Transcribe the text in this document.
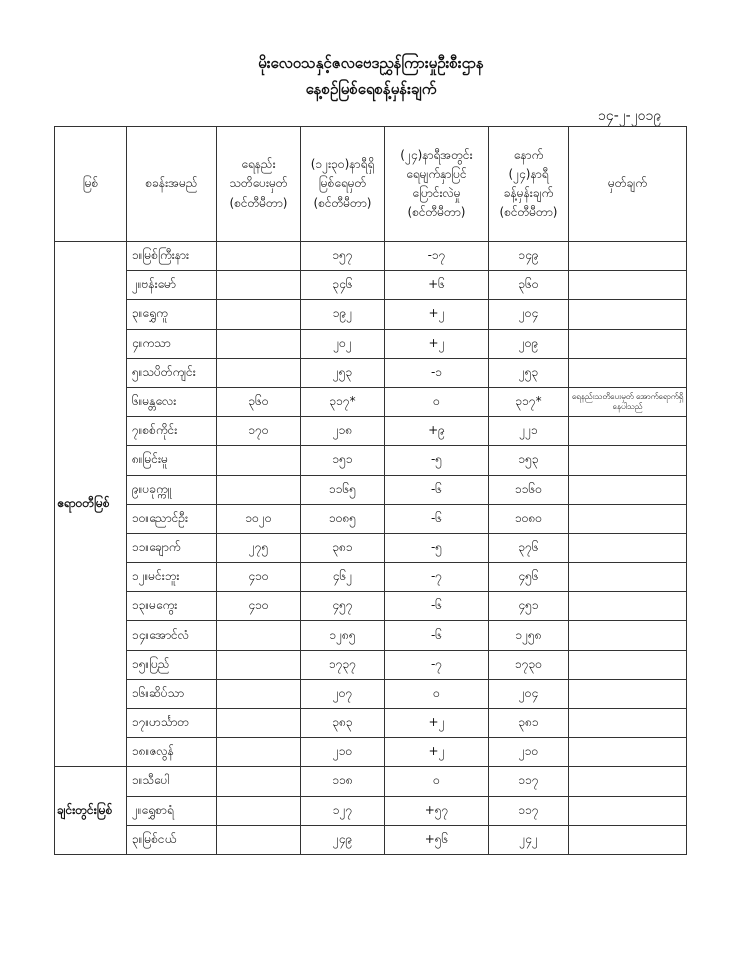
မိုးလေဝသနှင့်ဇလဗေဒညွှန်ကြားမှုဦးစီးဌာန
နေ့စဉ်မြစ်ရေစန့်မှန်းချက်
၁၄-၂-၂၀၁၉
မြစ်	စခန်းအမည်	ရေနည်း
သတိပေးမှတ်
(စင်တီမီတာ)	(၁၂း၃၀)နာရီရှိ
မြစ်ရေမှတ်
(စင်တီမီတာ)	(၂၄)နာရီအတွင်း
ရေမျက်နှာပြင်
ပြောင်းလဲမှု
(စင်တီမီတာ)	နောက်
(၂၄)နာရီ
ခန့်မှန်းချက်
(စင်တီမီတာ)	မှတ်ချက်
ဧရာဝတီမြစ်	၁။မြစ်ကြီးနား		၁၅၇	-၁၇	၁၄၉	
	၂။ဗန်းမော်		၃၄၆	+၆	၃၆၀	
	၃။ရွှေကူ		၁၉၂	+၂	၂၀၄	
	၄။ကသာ		၂၀၂	+၂	၂၀၉	
	၅။သပိတ်ကျင်း		၂၅၃	-၁	၂၅၃	
	၆။မန္တလေး	၃၆၀	၃၁၇*	၀	၃၁၇*	ရေနည်းသတိပေးမှတ် အောက်ရောက်ရှိနေပါသည်
	၇။စစ်ကိုင်း	၁၇၀	၂၁၈	+၉	၂၂၁	
	၈။မြင်းမူ		၁၅၁	-၅	၁၅၃	
	၉။ပခုက္ကူ		၁၁၆၅	-၆	၁၁၆၀	
	၁၀။ညောင်ဦး	၁၀၂၀	၁၀၈၅	-၆	၁၀၈၀	
	၁၁။ချောက်	၂၇၅	၃၈၁	-၅	၃၇၆	
	၁၂။မင်းဘူး	၄၁၀	၄၆၂	-၇	၄၅၆	
	၁၃။မကွေး	၄၁၀	၄၅၇	-၆	၄၅၁	
	၁၄။အောင်လံ		၁၂၈၅	-၆	၁၂၅၈	
	၁၅။ပြည်		၁၇၃၇	-၇	၁၇၃၀	
	၁၆။ဆိပ်သာ		၂၀၇	၀	၂၀၄	
	၁၇။ဟင်္သာတ		၃၈၃	+၂	၃၈၁	
	၁၈။ဇလွန်		၂၁၀	+၂	၂၁၀	
ချင်းတွင်းမြစ်	၁။သီပေါ		၁၁၈	၀	၁၁၇	
	၂။ရွှေစာရံ		၁၂၇	+၅၇	၁၁၇	
	၃။မြစ်ငယ်		၂၄၉	+၅၆	၂၄၂	
